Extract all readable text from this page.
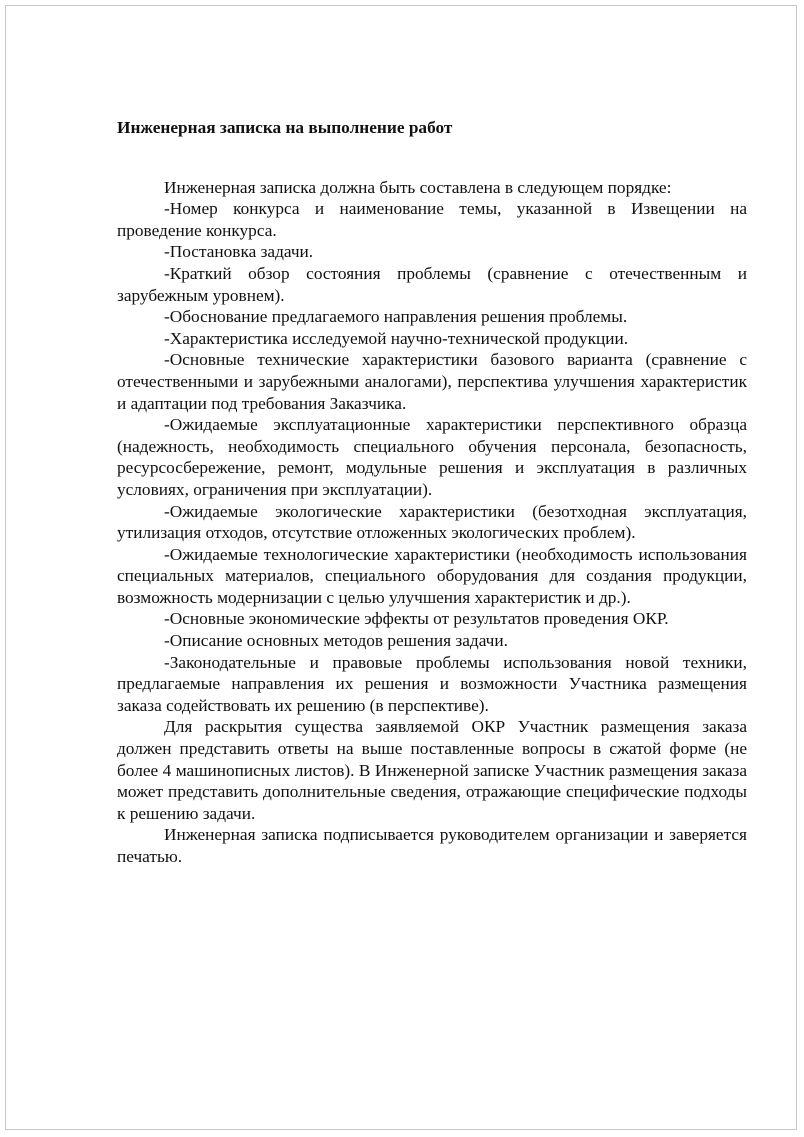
Инженерная записка на выполнение работ

Инженерная записка должна быть составлена в следующем порядке:

-Номер конкурса и наименование темы, указанной в Извещении на проведение конкурса.

-Постановка задачи.

-Краткий обзор состояния проблемы (сравнение с отечественным и зарубежным уровнем).

-Обоснование предлагаемого направления решения проблемы.

-Характеристика исследуемой научно-технической продукции.

-Основные технические характеристики базового варианта (сравнение с отечественными и зарубежными аналогами), перспектива улучшения характеристик и адаптации под требования Заказчика.

-Ожидаемые эксплуатационные характеристики перспективного образца (надежность, необходимость специального обучения персонала, безопасность, ресурсосбережение, ремонт, модульные решения и эксплуатация в различных условиях, ограничения при эксплуатации).

-Ожидаемые экологические характеристики (безотходная эксплуатация, утилизация отходов, отсутствие отложенных экологических проблем).

-Ожидаемые технологические характеристики (необходимость использования специальных материалов, специального оборудования для создания продукции, возможность модернизации с целью улучшения характеристик и др.).

-Основные экономические эффекты от результатов проведения ОКР.

-Описание основных методов решения задачи.

-Законодательные и правовые проблемы использования новой техники, предлагаемые направления их решения и возможности Участника размещения заказа содействовать их решению (в перспективе).

Для раскрытия существа заявляемой ОКР Участник размещения заказа должен представить ответы на выше поставленные вопросы в сжатой форме (не более 4 машинописных листов). В Инженерной записке Участник размещения заказа может представить дополнительные сведения, отражающие специфические подходы к решению задачи.

Инженерная записка подписывается руководителем организации и заверяется печатью.
